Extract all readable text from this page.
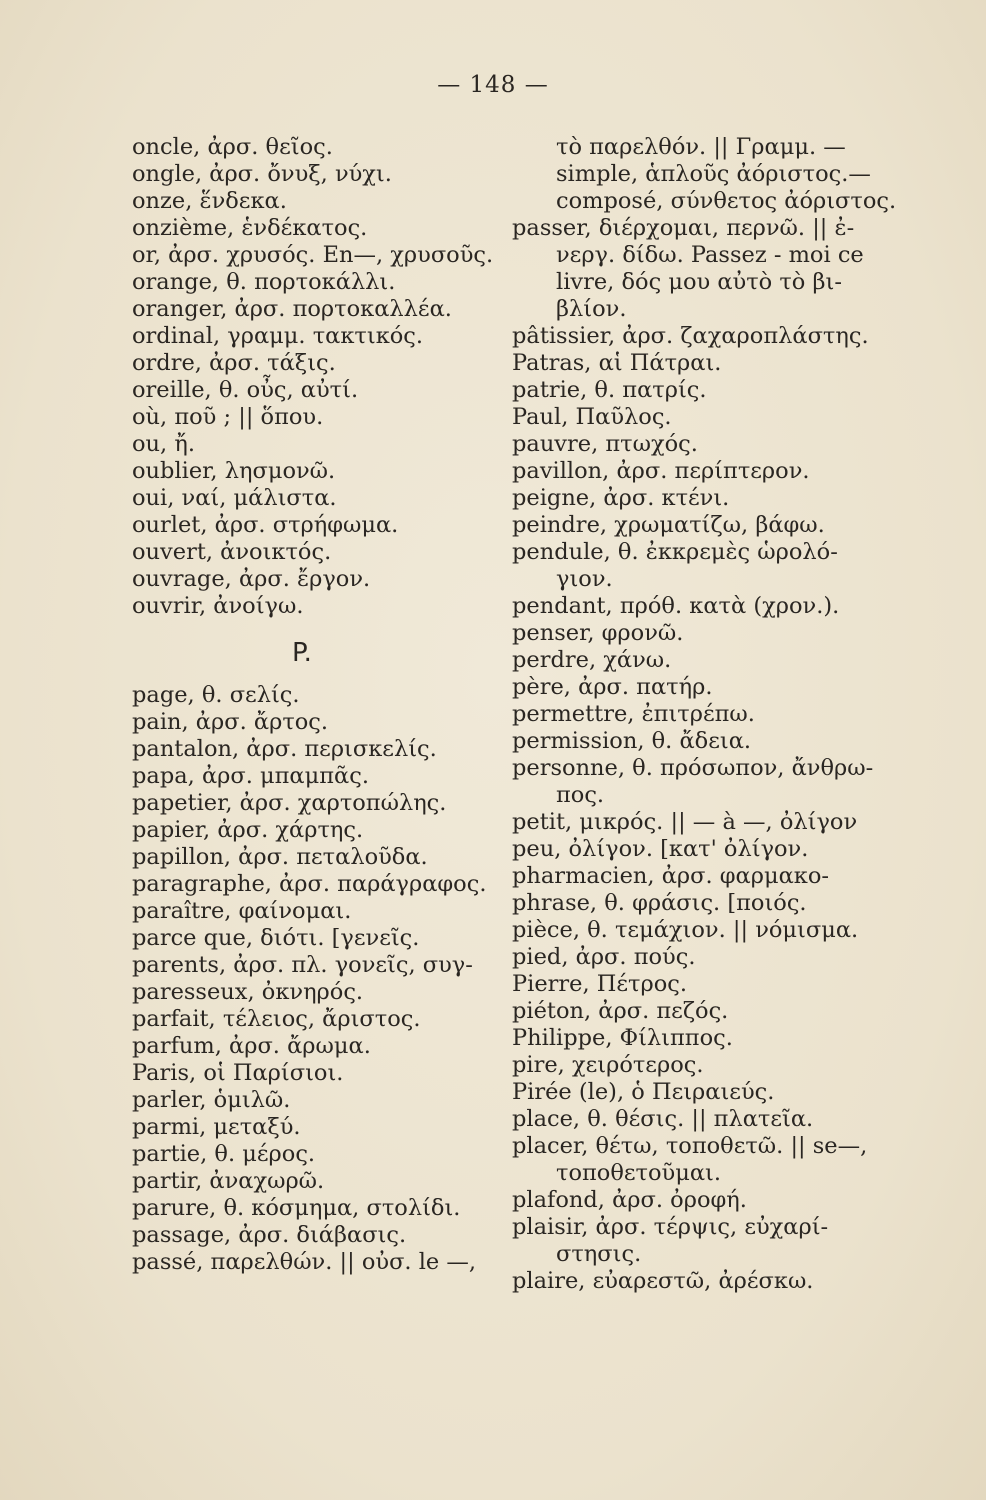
— 148 —
oncle, ἀρσ. θεῖος.
ongle, ἀρσ. ὄνυξ, νύχι.
onze, ἕνδεκα.
onzième, ἑνδέκατος.
or, ἀρσ. χρυσός. En—, χρυσοῦς.
orange, θ. πορτοκάλλι.
oranger, ἀρσ. πορτοκαλλέα.
ordinal, γραμμ. τακτικός.
ordre, ἀρσ. τάξις.
oreille, θ. οὖς, αὐτί.
où, ποῦ ; || ὅπου.
ou, ἤ.
oublier, λησμονῶ.
oui, ναί, μάλιστα.
ourlet, ἀρσ. στρήφωμα.
ouvert, ἀνοικτός.
ouvrage, ἀρσ. ἔργον.
ouvrir, ἀνοίγω.
P.
page, θ. σελίς.
pain, ἀρσ. ἄρτος.
pantalon, ἀρσ. περισκελίς.
papa, ἀρσ. μπαμπᾶς.
papetier, ἀρσ. χαρτοπώλης.
papier, ἀρσ. χάρτης.
papillon, ἀρσ. πεταλοῦδα.
paragraphe, ἀρσ. παράγραφος.
paraître, φαίνομαι.
parce que, διότι. [γενεῖς.
parents, ἀρσ. πλ. γονεῖς, συγ-
paresseux, ὀκνηρός.
parfait, τέλειος, ἄριστος.
parfum, ἀρσ. ἄρωμα.
Paris, οἱ Παρίσιοι.
parler, ὁμιλῶ.
parmi, μεταξύ.
partie, θ. μέρος.
partir, ἀναχωρῶ.
parure, θ. κόσμημα, στολίδι.
passage, ἀρσ. διάβασις.
passé, παρελθών. || οὐσ. le —,
τὸ παρελθόν. || Γραμμ. —
simple, ἁπλοῦς ἀόριστος.—
composé, σύνθετος ἀόριστος.
passer, διέρχομαι, περνῶ. || ἐ-
νεργ. δίδω. Passez - moi ce
livre, δός μου αὐτὸ τὸ βι-
βλίον.
pâtissier, ἀρσ. ζαχαροπλάστης.
Patras, αἱ Πάτραι.
patrie, θ. πατρίς.
Paul, Παῦλος.
pauvre, πτωχός.
pavillon, ἀρσ. περίπτερον.
peigne, ἀρσ. κτένι.
peindre, χρωματίζω, βάφω.
pendule, θ. ἐκκρεμὲς ὡρολό-
γιον.
pendant, πρόθ. κατὰ (χρον.).
penser, φρονῶ.
perdre, χάνω.
père, ἀρσ. πατήρ.
permettre, ἐπιτρέπω.
permission, θ. ἄδεια.
personne, θ. πρόσωπον, ἄνθρω-
πος.
petit, μικρός. || — à —, ὀλίγον
peu, ὀλίγον. [κατ' ὀλίγον.
pharmacien, ἀρσ. φαρμακο-
phrase, θ. φράσις. [ποιός.
pièce, θ. τεμάχιον. || νόμισμα.
pied, ἀρσ. πούς.
Pierre, Πέτρος.
piéton, ἀρσ. πεζός.
Philippe, Φίλιππος.
pire, χειρότερος.
Pirée (le), ὁ Πειραιεύς.
place, θ. θέσις. || πλατεῖα.
placer, θέτω, τοποθετῶ. || se—,
τοποθετοῦμαι.
plafond, ἀρσ. ὀροφή.
plaisir, ἀρσ. τέρψις, εὐχαρί-
στησις.
plaire, εὐαρεστῶ, ἀρέσκω.
